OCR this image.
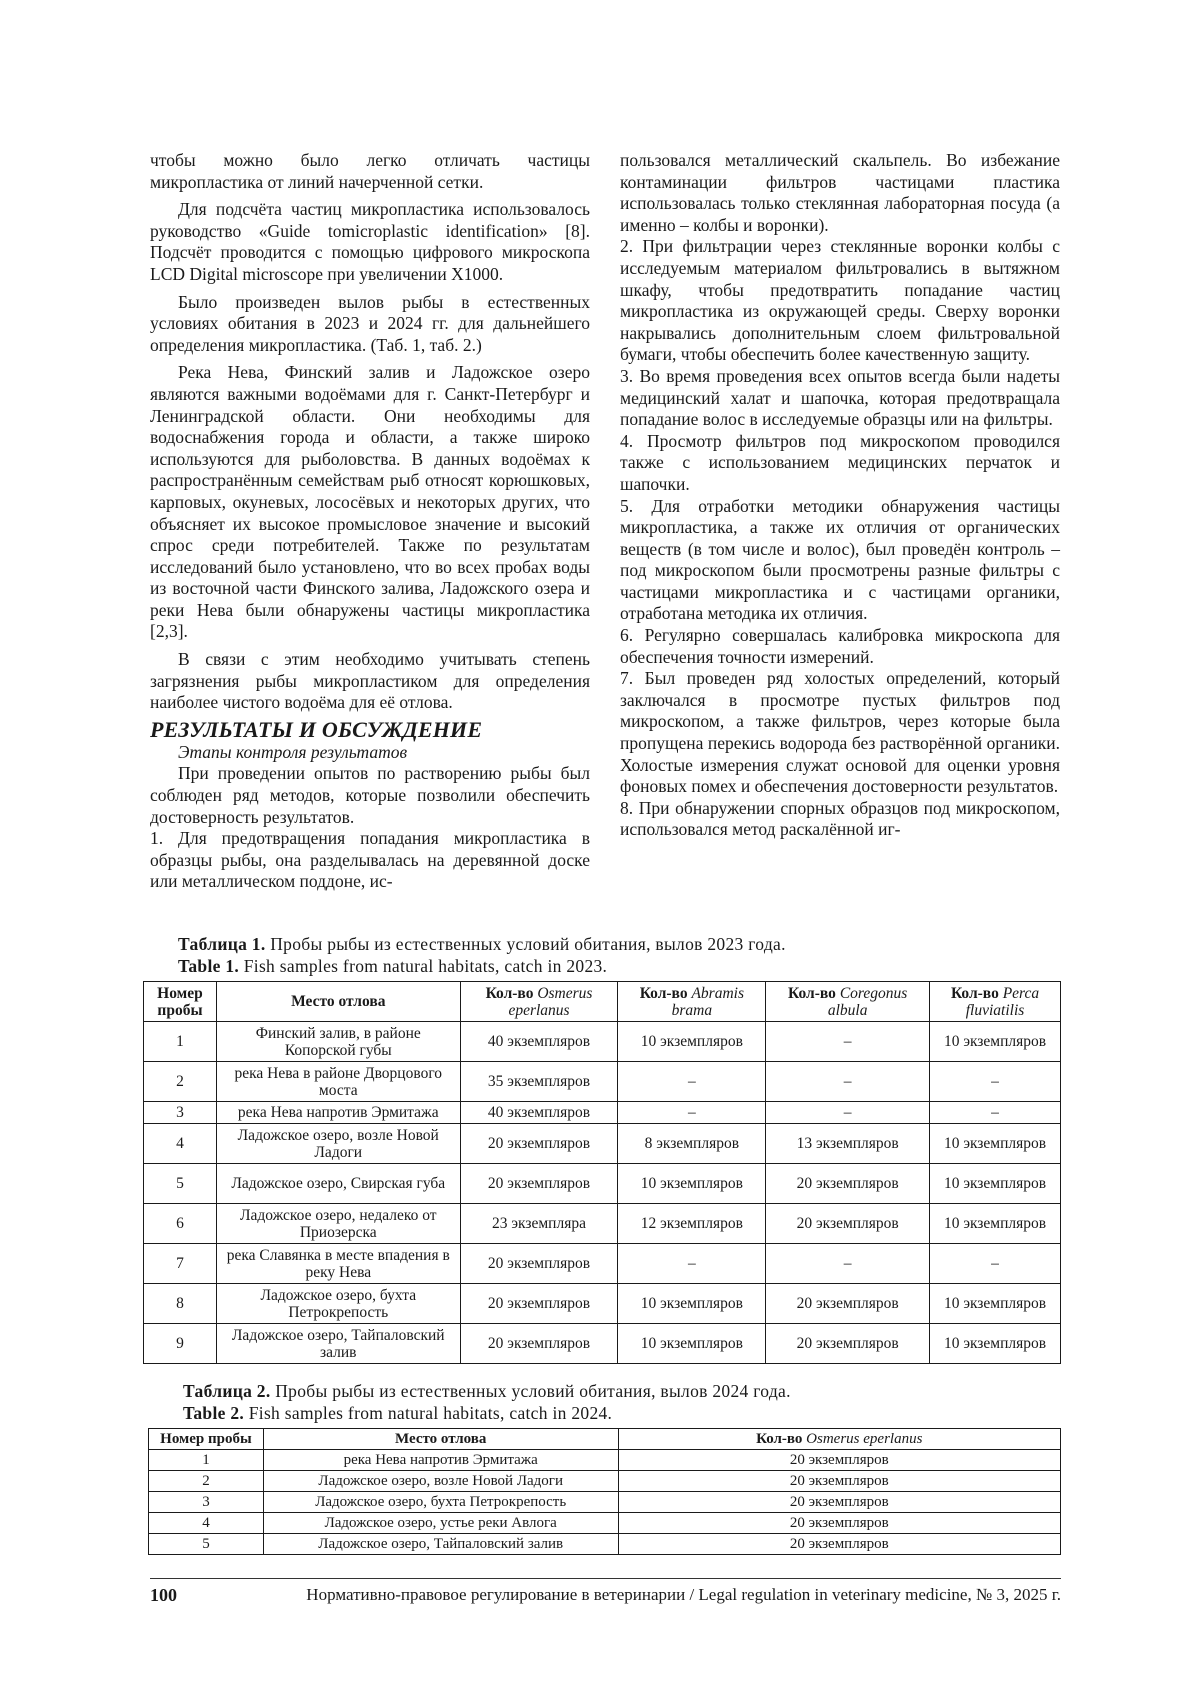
чтобы можно было легко отличать частицы микропластика от линий начерченной сетки.

Для подсчёта частиц микропластика использовалось руководство «Guide tomicroplastic identification» [8]. Подсчёт проводится с помощью цифрового микроскопа LCD Digital microscope при увеличении X1000.

Было произведен вылов рыбы в естественных условиях обитания в 2023 и 2024 гг. для дальнейшего определения микропластика. (Таб. 1, таб. 2.)

Река Нева, Финский залив и Ладожское озеро являются важными водоёмами для г. Санкт-Петербург и Ленинградской области. Они необходимы для водоснабжения города и области, а также широко используются для рыболовства. В данных водоёмах к распространённым семействам рыб относят корюшковых, карповых, окуневых, лососёвых и некоторых других, что объясняет их высокое промысловое значение и высокий спрос среди потребителей. Также по результатам исследований было установлено, что во всех пробах воды из восточной части Финского залива, Ладожского озера и реки Нева были обнаружены частицы микропластика [2,3].

В связи с этим необходимо учитывать степень загрязнения рыбы микропластиком для определения наиболее чистого водоёма для её отлова.

РЕЗУЛЬТАТЫ И ОБСУЖДЕНИЕ

Этапы контроля результатов

При проведении опытов по растворению рыбы был соблюден ряд методов, которые позволили обеспечить достоверность результатов.

1. Для предотвращения попадания микропластика в образцы рыбы, она разделывалась на деревянной доске или металлическом поддоне, ис-

пользовался металлический скальпель. Во избежание контаминации фильтров частицами пластика использовалась только стеклянная лабораторная посуда (а именно – колбы и воронки).

2. При фильтрации через стеклянные воронки колбы с исследуемым материалом фильтровались в вытяжном шкафу, чтобы предотвратить попадание частиц микропластика из окружающей среды. Сверху воронки накрывались дополнительным слоем фильтровальной бумаги, чтобы обеспечить более качественную защиту.

3. Во время проведения всех опытов всегда были надеты медицинский халат и шапочка, которая предотвращала попадание волос в исследуемые образцы или на фильтры.

4. Просмотр фильтров под микроскопом проводился также с использованием медицинских перчаток и шапочки.

5. Для отработки методики обнаружения частицы микропластика, а также их отличия от органических веществ (в том числе и волос), был проведён контроль – под микроскопом были просмотрены разные фильтры с частицами микропластика и с частицами органики, отработана методика их отличия.

6. Регулярно совершалась калибровка микроскопа для обеспечения точности измерений.

7. Был проведен ряд холостых определений, который заключался в просмотре пустых фильтров под микроскопом, а также фильтров, через которые была пропущена перекись водорода без растворённой органики. Холостые измерения служат основой для оценки уровня фоновых помех и обеспечения достоверности результатов.

8. При обнаружении спорных образцов под микроскопом, использовался метод раскалённой иг-

Таблица 1. Пробы рыбы из естественных условий обитания, вылов 2023 года.
Table 1. Fish samples from natural habitats, catch in 2023.
Номер пробы	Место отлова	Кол-во Osmerus eperlanus	Кол-во Abramis brama	Кол-во Coregonus albula	Кол-во Perca fluviatilis
1	Финский залив, в районе Копорской губы	40 экземпляров	10 экземпляров	–	10 экземпляров
2	река Нева в районе Дворцового моста	35 экземпляров	–	–	–
3	река Нева напротив Эрмитажа	40 экземпляров	–	–	–
4	Ладожское озеро, возле Новой Ладоги	20 экземпляров	8 экземпляров	13 экземпляров	10 экземпляров
5	Ладожское озеро, Свирская губа	20 экземпляров	10 экземпляров	20 экземпляров	10 экземпляров
6	Ладожское озеро, недалеко от Приозерска	23 экземпляра	12 экземпляров	20 экземпляров	10 экземпляров
7	река Славянка в месте впадения в реку Нева	20 экземпляров	–	–	–
8	Ладожское озеро, бухта Петрокрепость	20 экземпляров	10 экземпляров	20 экземпляров	10 экземпляров
9	Ладожское озеро, Тайпаловский залив	20 экземпляров	10 экземпляров	20 экземпляров	10 экземпляров
Таблица 2. Пробы рыбы из естественных условий обитания, вылов 2024 года.
Table 2. Fish samples from natural habitats, catch in 2024.
Номер пробы	Место отлова	Кол-во Osmerus eperlanus
1	река Нева напротив Эрмитажа	20 экземпляров
2	Ладожское озеро, возле Новой Ладоги	20 экземпляров
3	Ладожское озеро, бухта Петрокрепость	20 экземпляров
4	Ладожское озеро, устье реки Авлога	20 экземпляров
5	Ладожское озеро, Тайпаловский залив	20 экземпляров
100	Нормативно-правовое регулирование в ветеринарии / Legal regulation in veterinary medicine, № 3, 2025 г.
